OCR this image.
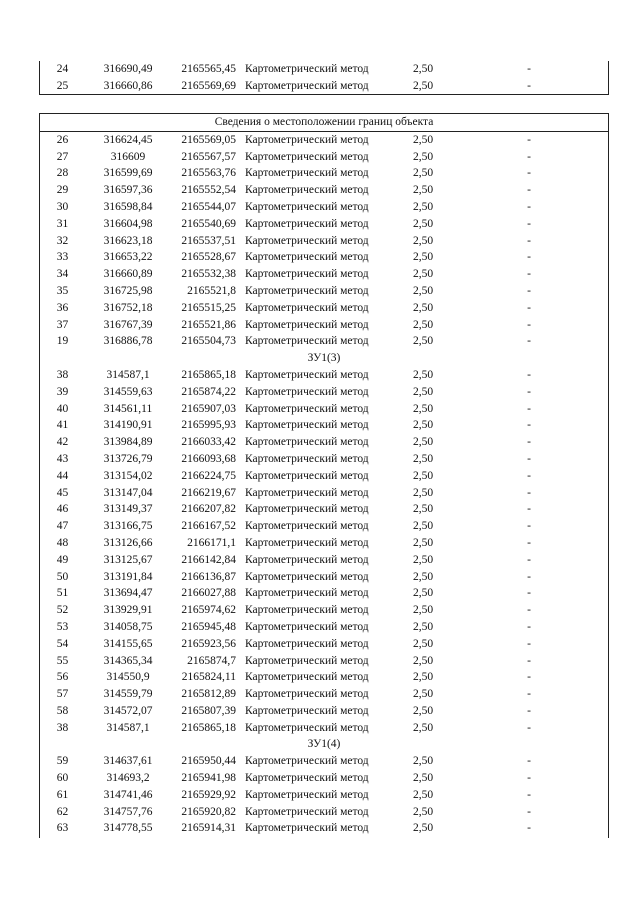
24	316690,49	2165565,45 Картометрический метод	2,50	-
25	316660,86	2165569,69 Картометрический метод	2,50	-
Сведения о местоположении границ объекта
26	316624,45	2165569,05 Картометрический метод	2,50	-
27	316609	2165567,57 Картометрический метод	2,50	-
28	316599,69	2165563,76 Картометрический метод	2,50	-
29	316597,36	2165552,54 Картометрический метод	2,50	-
30	316598,84	2165544,07 Картометрический метод	2,50	-
31	316604,98	2165540,69 Картометрический метод	2,50	-
32	316623,18	2165537,51 Картометрический метод	2,50	-
33	316653,22	2165528,67 Картометрический метод	2,50	-
34	316660,89	2165532,38 Картометрический метод	2,50	-
35	316725,98	2165521,8 Картометрический метод	2,50	-
36	316752,18	2165515,25 Картометрический метод	2,50	-
37	316767,39	2165521,86 Картометрический метод	2,50	-
19	316886,78	2165504,73 Картометрический метод	2,50	-
ЗУ1(3)
38	314587,1	2165865,18 Картометрический метод	2,50	-
39	314559,63	2165874,22 Картометрический метод	2,50	-
40	314561,11	2165907,03 Картометрический метод	2,50	-
41	314190,91	2165995,93 Картометрический метод	2,50	-
42	313984,89	2166033,42 Картометрический метод	2,50	-
43	313726,79	2166093,68 Картометрический метод	2,50	-
44	313154,02	2166224,75 Картометрический метод	2,50	-
45	313147,04	2166219,67 Картометрический метод	2,50	-
46	313149,37	2166207,82 Картометрический метод	2,50	-
47	313166,75	2166167,52 Картометрический метод	2,50	-
48	313126,66	2166171,1 Картометрический метод	2,50	-
49	313125,67	2166142,84 Картометрический метод	2,50	-
50	313191,84	2166136,87 Картометрический метод	2,50	-
51	313694,47	2166027,88 Картометрический метод	2,50	-
52	313929,91	2165974,62 Картометрический метод	2,50	-
53	314058,75	2165945,48 Картометрический метод	2,50	-
54	314155,65	2165923,56 Картометрический метод	2,50	-
55	314365,34	2165874,7 Картометрический метод	2,50	-
56	314550,9	2165824,11 Картометрический метод	2,50	-
57	314559,79	2165812,89 Картометрический метод	2,50	-
58	314572,07	2165807,39 Картометрический метод	2,50	-
38	314587,1	2165865,18 Картометрический метод	2,50	-
ЗУ1(4)
59	314637,61	2165950,44 Картометрический метод	2,50	-
60	314693,2	2165941,98 Картометрический метод	2,50	-
61	314741,46	2165929,92 Картометрический метод	2,50	-
62	314757,76	2165920,82 Картометрический метод	2,50	-
63	314778,55	2165914,31 Картометрический метод	2,50	-
